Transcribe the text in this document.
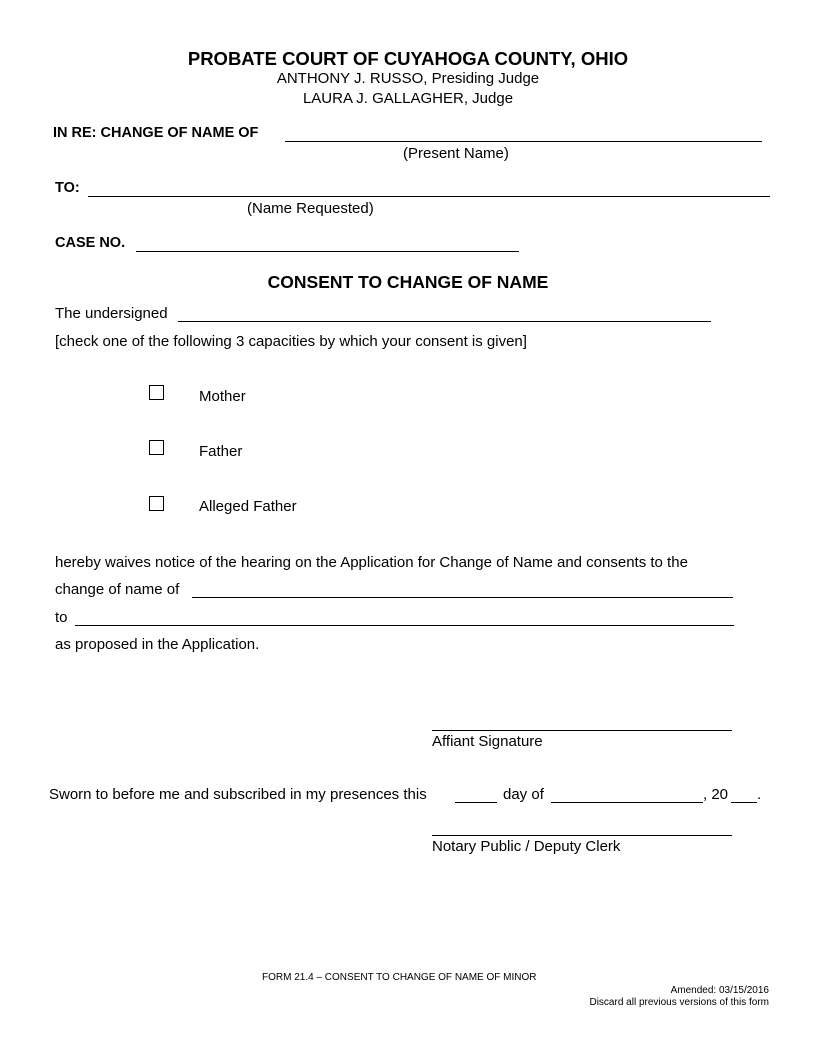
PROBATE COURT OF CUYAHOGA COUNTY, OHIO
ANTHONY J. RUSSO, Presiding Judge
LAURA J. GALLAGHER, Judge
IN RE: CHANGE OF NAME OF
(Present Name)
TO:
(Name Requested)
CASE NO.
CONSENT TO CHANGE OF NAME
The undersigned
[check one of the following 3 capacities by which your consent is given]
Mother
Father
Alleged Father
hereby waives notice of the hearing on the Application for Change of Name and consents to the
change of name of
to
as proposed in the Application.
Affiant Signature
Sworn to before me and subscribed in my presences this	day of	, 20 .
Notary Public / Deputy Clerk
FORM 21.4 – CONSENT TO CHANGE OF NAME OF MINOR
Amended: 03/15/2016
Discard all previous versions of this form
